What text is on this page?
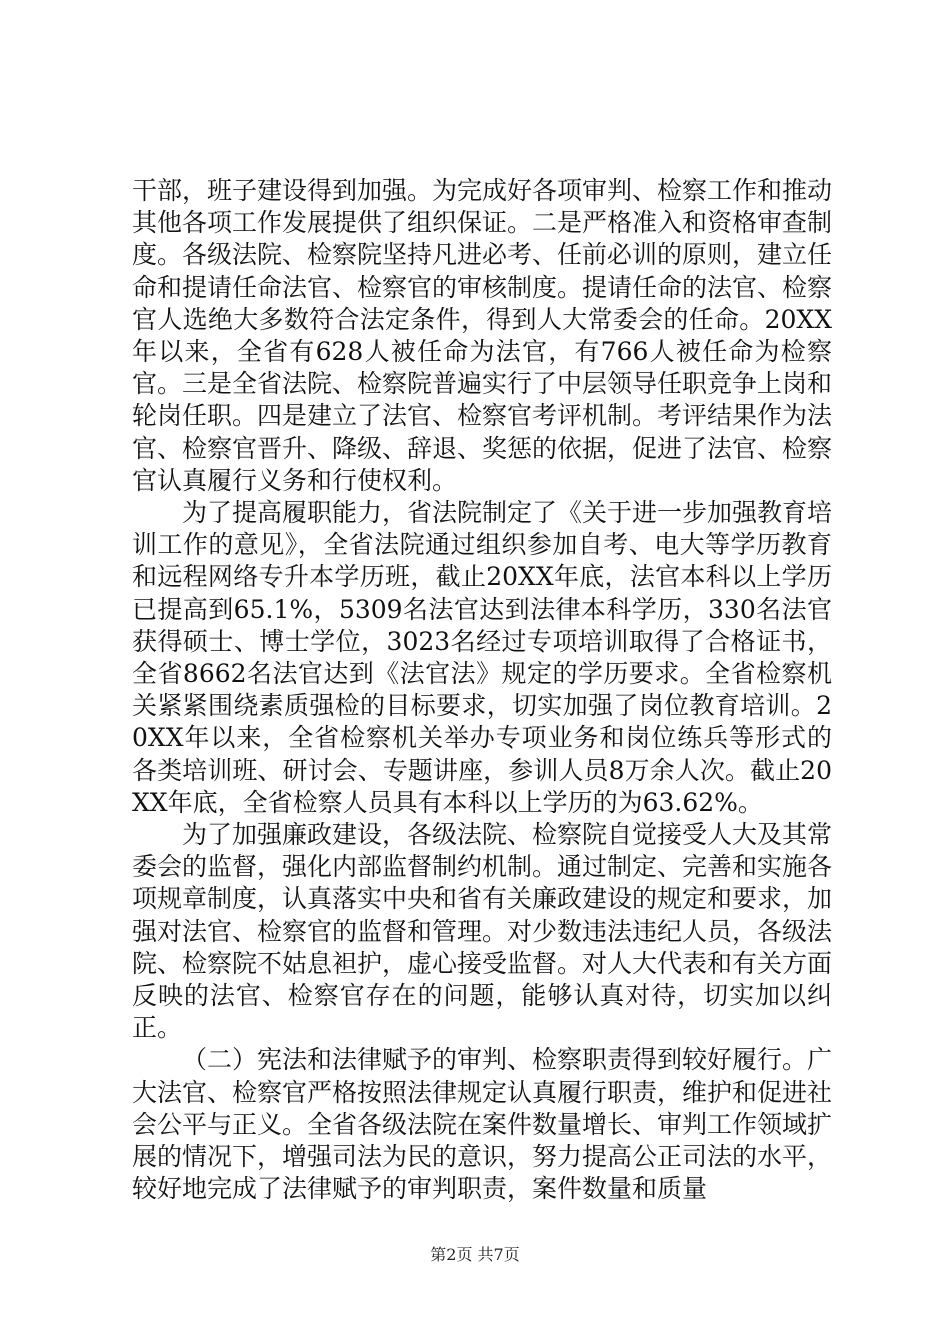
干部，班子建设得到加强。为完成好各项审判、检察工作和推动其他各项工作发展提供了组织保证。二是严格准入和资格审查制度。各级法院、检察院坚持凡进必考、任前必训的原则，建立任命和提请任命法官、检察官的审核制度。提请任命的法官、检察官人选绝大多数符合法定条件，得到人大常委会的任命。20XX年以来，全省有628人被任命为法官，有766人被任命为检察官。三是全省法院、检察院普遍实行了中层领导任职竞争上岗和轮岗任职。四是建立了法官、检察官考评机制。考评结果作为法官、检察官晋升、降级、辞退、奖惩的依据，促进了法官、检察官认真履行义务和行使权利。

为了提高履职能力，省法院制定了《关于进一步加强教育培训工作的意见》，全省法院通过组织参加自考、电大等学历教育和远程网络专升本学历班，截止20XX年底，法官本科以上学历已提高到65.1%，5309名法官达到法律本科学历，330名法官获得硕士、博士学位，3023名经过专项培训取得了合格证书，全省8662名法官达到《法官法》规定的学历要求。全省检察机关紧紧围绕素质强检的目标要求，切实加强了岗位教育培训。20XX年以来，全省检察机关举办专项业务和岗位练兵等形式的各类培训班、研讨会、专题讲座，参训人员8万余人次。截止20XX年底，全省检察人员具有本科以上学历的为63.62%。

为了加强廉政建设，各级法院、检察院自觉接受人大及其常委会的监督，强化内部监督制约机制。通过制定、完善和实施各项规章制度，认真落实中央和省有关廉政建设的规定和要求，加强对法官、检察官的监督和管理。对少数违法违纪人员，各级法院、检察院不姑息袒护，虚心接受监督。对人大代表和有关方面反映的法官、检察官存在的问题，能够认真对待，切实加以纠正。

（二）宪法和法律赋予的审判、检察职责得到较好履行。广大法官、检察官严格按照法律规定认真履行职责，维护和促进社会公平与正义。全省各级法院在案件数量增长、审判工作领域扩展的情况下，增强司法为民的意识，努力提高公正司法的水平，较好地完成了法律赋予的审判职责，案件数量和质量

第2页 共7页
